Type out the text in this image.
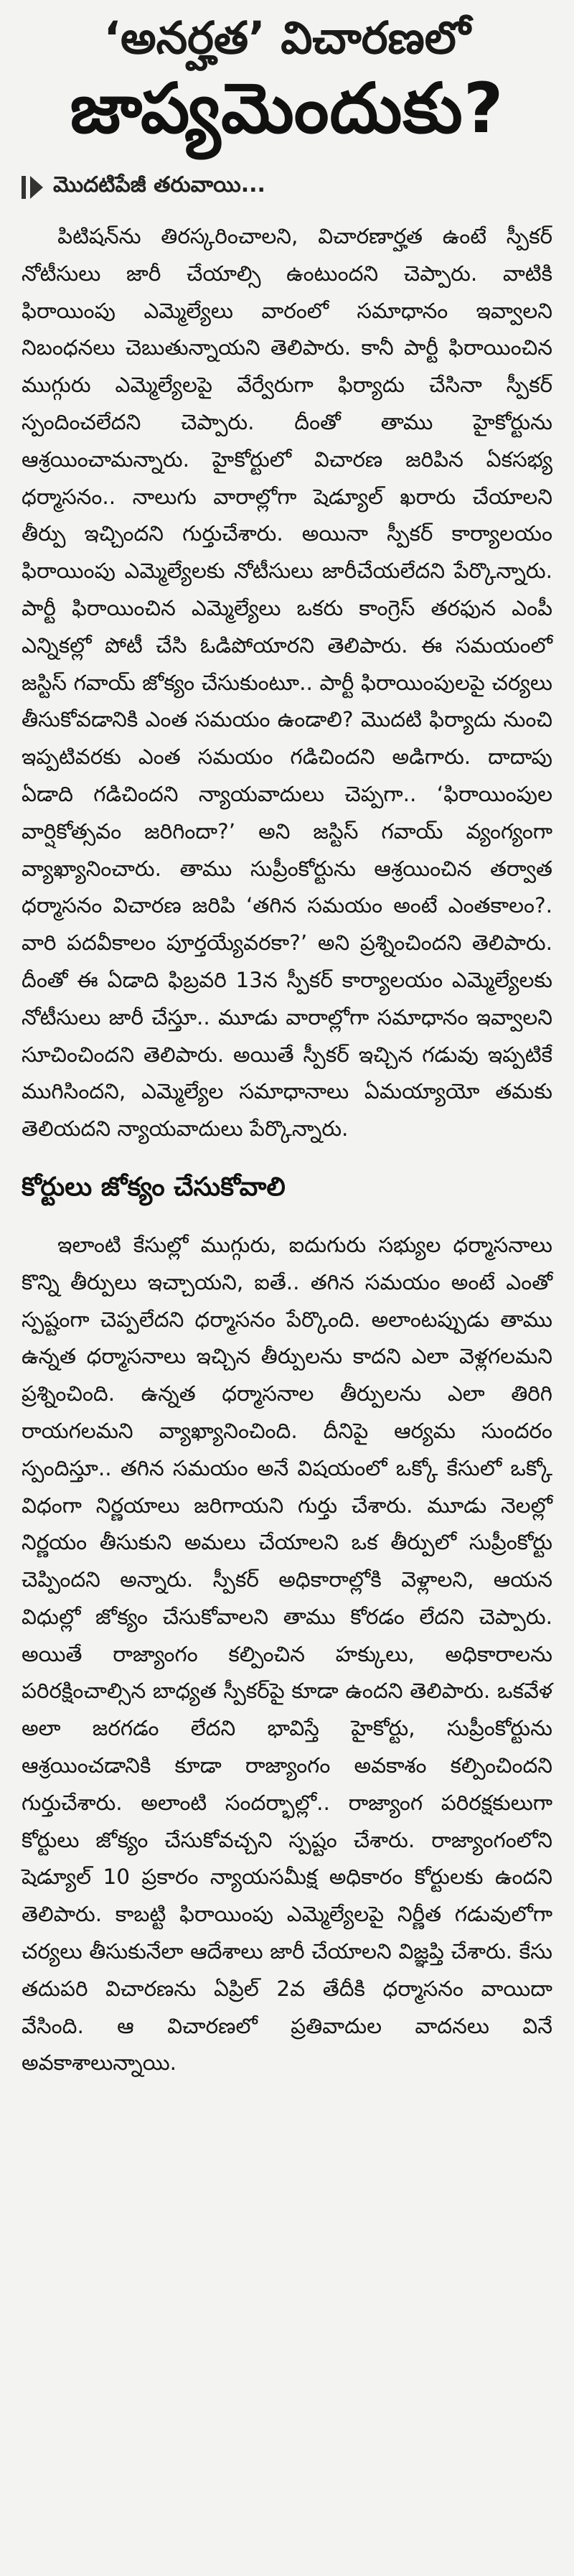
‘అనర్హత’ విచారణలో
జాప్యమెందుకు?
మొదటిపేజీ తరువాయి...

పిటిషన్‌ను తిరస్కరించాలని, విచారణార్హత ఉంటే స్పీకర్ నోటీసులు జారీ చేయాల్సి ఉంటుందని చెప్పారు. వాటికి ఫిరాయింపు ఎమ్మెల్యేలు వారంలో సమాధానం ఇవ్వాలని నిబంధనలు చెబుతున్నాయని తెలిపారు. కానీ పార్టీ ఫిరాయించిన ముగ్గురు ఎమ్మెల్యేలపై వేర్వేరుగా ఫిర్యాదు చేసినా స్పీకర్ స్పందించలేదని చెప్పారు. దీంతో తాము హైకోర్టును ఆశ్రయించామన్నారు. హైకోర్టులో విచారణ జరిపిన ఏకసభ్య ధర్మాసనం.. నాలుగు వారాల్లోగా షెడ్యూల్ ఖరారు చేయాలని తీర్పు ఇచ్చిందని గుర్తుచేశారు. అయినా స్పీకర్ కార్యాలయం ఫిరాయింపు ఎమ్మెల్యేలకు నోటీసులు జారీచేయలేదని పేర్కొన్నారు. పార్టీ ఫిరాయించిన ఎమ్మెల్యేలు ఒకరు కాంగ్రెస్ తరఫున ఎంపీ ఎన్నికల్లో పోటీ చేసి ఓడిపోయారని తెలిపారు. ఈ సమయంలో జస్టిస్ గవాయ్ జోక్యం చేసుకుంటూ.. పార్టీ ఫిరాయింపులపై చర్యలు తీసుకోవడానికి ఎంత సమయం ఉండాలి? మొదటి ఫిర్యాదు నుంచి ఇప్పటివరకు ఎంత సమయం గడిచిందని అడిగారు. దాదాపు ఏడాది గడిచిందని న్యాయవాదులు చెప్పగా.. ‘ఫిరాయింపుల వార్షికోత్సవం జరిగిందా?’ అని జస్టిస్ గవాయ్ వ్యంగ్యంగా వ్యాఖ్యానించారు. తాము సుప్రీంకోర్టును ఆశ్రయించిన తర్వాత ధర్మాసనం విచారణ జరిపి ‘తగిన సమయం అంటే ఎంతకాలం?. వారి పదవీకాలం పూర్తయ్యేవరకా?’ అని ప్రశ్నించిందని తెలిపారు. దీంతో ఈ ఏడాది ఫిబ్రవరి 13న స్పీకర్ కార్యాలయం ఎమ్మెల్యేలకు నోటీసులు జారీ చేస్తూ.. మూడు వారాల్లోగా సమాధానం ఇవ్వాలని సూచించిందని తెలిపారు. అయితే స్పీకర్ ఇచ్చిన గడువు ఇప్పటికే ముగిసిందని, ఎమ్మెల్యేల సమాధానాలు ఏమయ్యాయో తమకు తెలియదని న్యాయవాదులు పేర్కొన్నారు.

కోర్టులు జోక్యం చేసుకోవాలి

ఇలాంటి కేసుల్లో ముగ్గురు, ఐదుగురు సభ్యుల ధర్మాసనాలు కొన్ని తీర్పులు ఇచ్చాయని, ఐతే.. తగిన సమయం అంటే ఎంతో స్పష్టంగా చెప్పలేదని ధర్మాసనం పేర్కొంది. అలాంటప్పుడు తాము ఉన్నత ధర్మాసనాలు ఇచ్చిన తీర్పులను కాదని ఎలా వెళ్లగలమని ప్రశ్నించింది. ఉన్నత ధర్మాసనాల తీర్పులను ఎలా తిరిగి రాయగలమని వ్యాఖ్యానించింది. దీనిపై ఆర్యమ సుందరం స్పందిస్తూ.. తగిన సమయం అనే విషయంలో ఒక్కో కేసులో ఒక్కో విధంగా నిర్ణయాలు జరిగాయని గుర్తు చేశారు. మూడు నెలల్లో నిర్ణయం తీసుకుని అమలు చేయాలని ఒక తీర్పులో సుప్రీంకోర్టు చెప్పిందని అన్నారు. స్పీకర్ అధికారాల్లోకి వెళ్లాలని, ఆయన విధుల్లో జోక్యం చేసుకోవాలని తాము కోరడం లేదని చెప్పారు. అయితే రాజ్యాంగం కల్పించిన హక్కులు, అధికారాలను పరిరక్షించాల్సిన బాధ్యత స్పీకర్‌పై కూడా ఉందని తెలిపారు. ఒకవేళ అలా జరగడం లేదని భావిస్తే హైకోర్టు, సుప్రీంకోర్టును ఆశ్రయించడానికి కూడా రాజ్యాంగం అవకాశం కల్పించిందని గుర్తుచేశారు. అలాంటి సందర్భాల్లో.. రాజ్యాంగ పరిరక్షకులుగా కోర్టులు జోక్యం చేసుకోవచ్చని స్పష్టం చేశారు. రాజ్యాంగంలోని షెడ్యూల్ 10 ప్రకారం న్యాయసమీక్ష అధికారం కోర్టులకు ఉందని తెలిపారు. కాబట్టి ఫిరాయింపు ఎమ్మెల్యేలపై నిర్ణీత గడువులోగా చర్యలు తీసుకునేలా ఆదేశాలు జారీ చేయాలని విజ్ఞప్తి చేశారు. కేసు తదుపరి విచారణను ఏప్రిల్ 2వ తేదీకి ధర్మాసనం వాయిదా వేసింది. ఆ విచారణలో ప్రతివాదుల వాదనలు వినే అవకాశాలున్నాయి.
